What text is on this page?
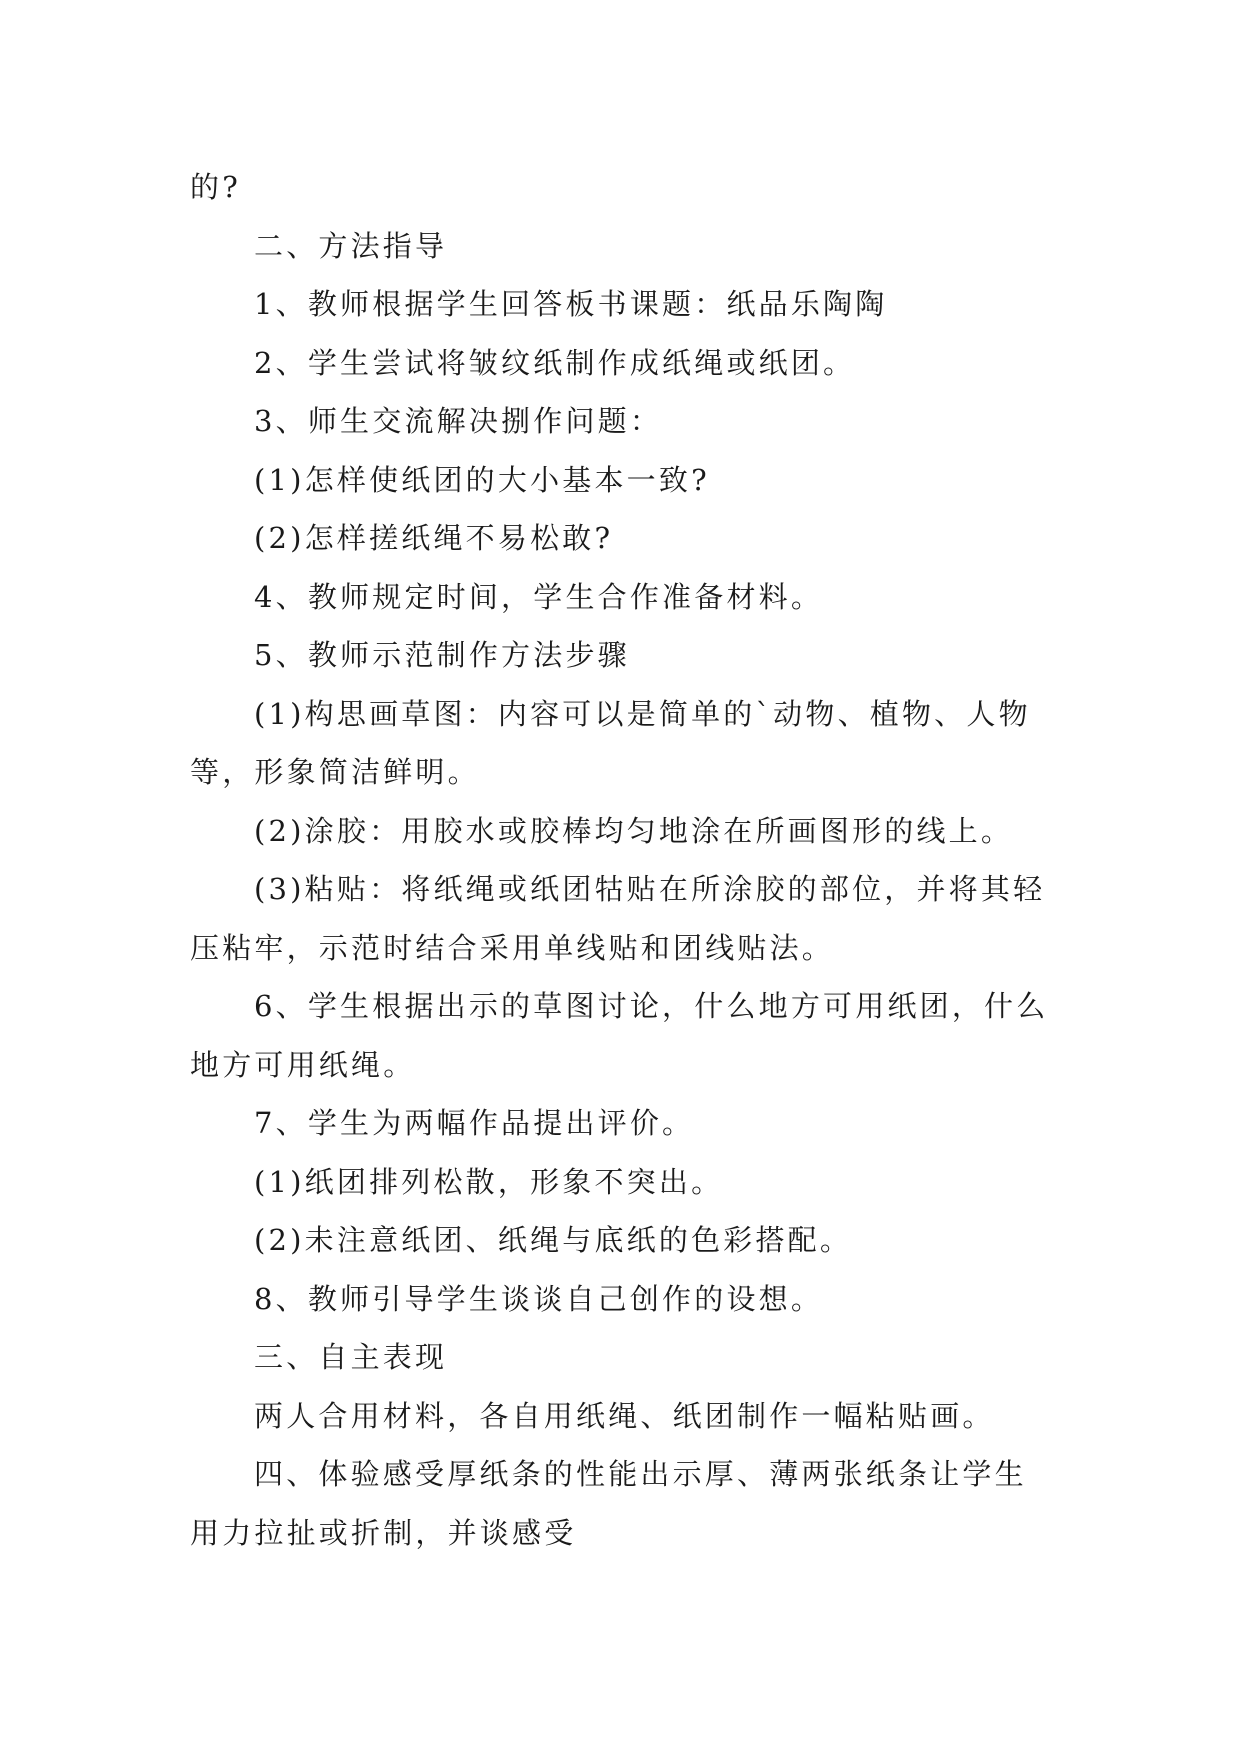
的?

二、方法指导

1、教师根据学生回答板书课题：纸品乐陶陶

2、学生尝试将皱纹纸制作成纸绳或纸团。

3、师生交流解决捌作问题：

(1)怎样使纸团的大小基本一致?

(2)怎样搓纸绳不易松敢?

4、教师规定时间，学生合作准备材料。

5、教师示范制作方法步骤

(1)构思画草图：内容可以是简单的`动物、植物、人物等，形象简洁鲜明。

(2)涂胶：用胶水或胶棒均匀地涂在所画图形的线上。

(3)粘贴：将纸绳或纸团牯贴在所涂胶的部位，并将其轻压粘牢，示范时结合采用单线贴和团线贴法。

6、学生根据出示的草图讨论，什么地方可用纸团，什么地方可用纸绳。

7、学生为两幅作品提出评价。

(1)纸团排列松散，形象不突出。

(2)未注意纸团、纸绳与底纸的色彩搭配。

8、教师引导学生谈谈自己创作的设想。

三、自主表现

两人合用材料，各自用纸绳、纸团制作一幅粘贴画。

四、体验感受厚纸条的性能出示厚、薄两张纸条让学生用力拉扯或折制，并谈感受
